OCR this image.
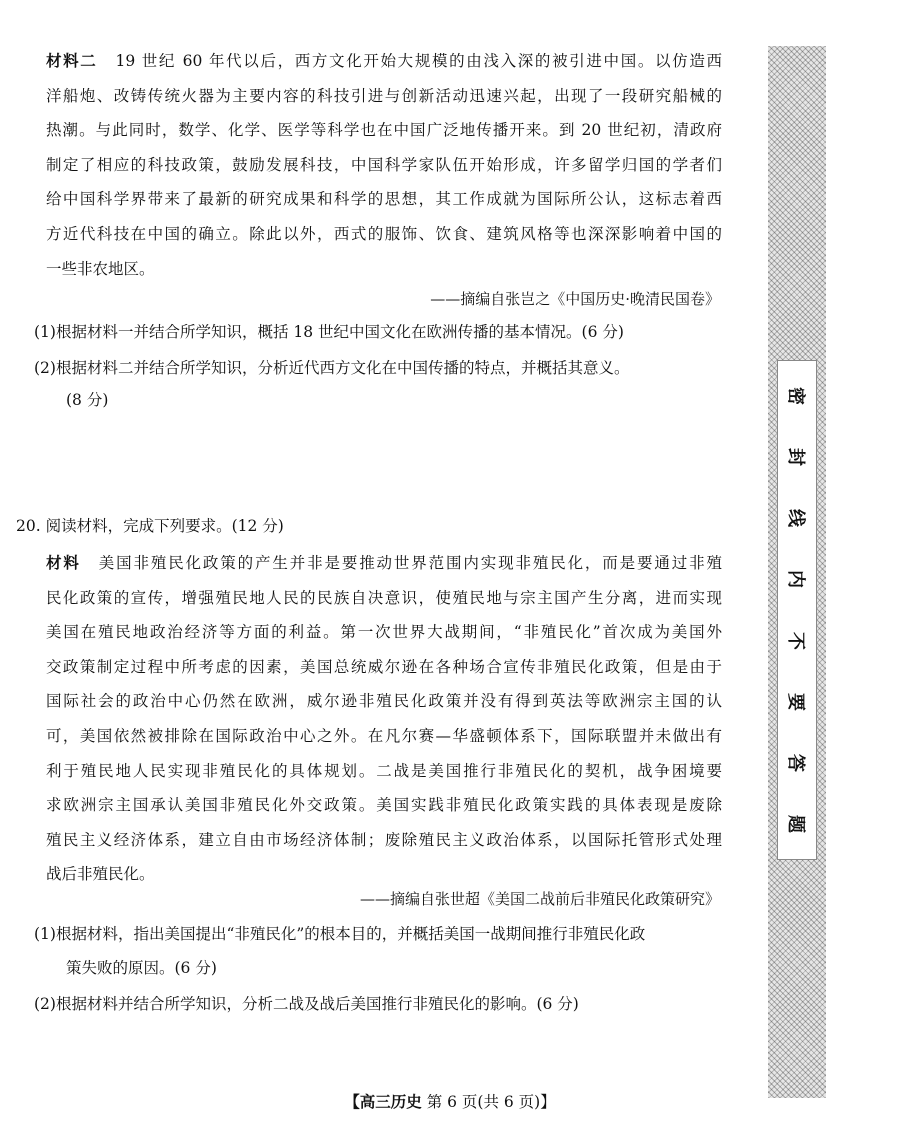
材料二 19 世纪 60 年代以后，西方文化开始大规模的由浅入深的被引进中国。以仿造西
洋船炮、改铸传统火器为主要内容的科技引进与创新活动迅速兴起，出现了一段研究船械的
热潮。与此同时，数学、化学、医学等科学也在中国广泛地传播开来。到 20 世纪初，清政府
制定了相应的科技政策，鼓励发展科技，中国科学家队伍开始形成，许多留学归国的学者们
给中国科学界带来了最新的研究成果和科学的思想，其工作成就为国际所公认，这标志着西
方近代科技在中国的确立。除此以外，西式的服饰、饮食、建筑风格等也深深影响着中国的
一些非农地区。
——摘编自张岂之《中国历史·晚清民国卷》
(1)根据材料一并结合所学知识，概括 18 世纪中国文化在欧洲传播的基本情况。(6 分)
(2)根据材料二并结合所学知识，分析近代西方文化在中国传播的特点，并概括其意义。
(8 分)
20. 阅读材料，完成下列要求。(12 分)
材料 美国非殖民化政策的产生并非是要推动世界范围内实现非殖民化，而是要通过非殖
民化政策的宣传，增强殖民地人民的民族自决意识，使殖民地与宗主国产生分离，进而实现
美国在殖民地政治经济等方面的利益。第一次世界大战期间，“非殖民化”首次成为美国外
交政策制定过程中所考虑的因素，美国总统威尔逊在各种场合宣传非殖民化政策，但是由于
国际社会的政治中心仍然在欧洲，威尔逊非殖民化政策并没有得到英法等欧洲宗主国的认
可，美国依然被排除在国际政治中心之外。在凡尔赛—华盛顿体系下，国际联盟并未做出有
利于殖民地人民实现非殖民化的具体规划。二战是美国推行非殖民化的契机，战争困境要
求欧洲宗主国承认美国非殖民化外交政策。美国实践非殖民化政策实践的具体表现是废除
殖民主义经济体系，建立自由市场经济体制；废除殖民主义政治体系，以国际托管形式处理
战后非殖民化。
——摘编自张世超《美国二战前后非殖民化政策研究》
(1)根据材料，指出美国提出“非殖民化”的根本目的，并概括美国一战期间推行非殖民化政
策失败的原因。(6 分)
(2)根据材料并结合所学知识，分析二战及战后美国推行非殖民化的影响。(6 分)
【高三历史 第 6 页(共 6 页)】
密
封
线
内
不
要
答
题
